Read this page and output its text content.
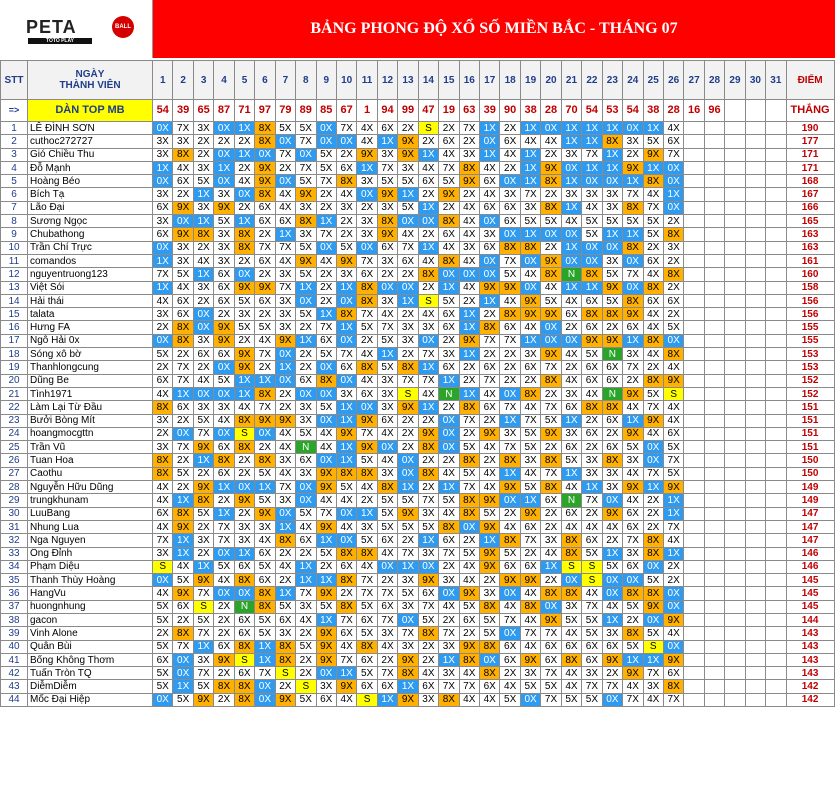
PETA	BALL
TOTO PLAY
BẢNG PHONG ĐỘ XỔ SỐ MIỀN BẮC - THÁNG 07
STT	NGÀY
THÀNH VIÊN	1	2	3	4	5	6	7	8	9	10	11	12	13	14	15	16	17	18	19	20	21	22	23	24	25	26	27	28	29	30	31	ĐIỂM
=>	DÀN TOP MB	54	39	65	87	71	97	79	89	85	67	1	94	99	47	19	63	39	90	38	28	70	54	53	54	38	28	16	96				THẮNG
1	LÊ ĐÌNH SƠN	0X	7X	3X	0X	1X	8X	5X	5X	0X	7X	4X	6X	2X	S	2X	7X	1X	2X	1X	0X	1X	1X	1X	0X	1X	4X						190
2	cuthoc272727	3X	3X	2X	2X	2X	8X	0X	7X	0X	0X	4X	1X	9X	2X	6X	2X	0X	6X	4X	4X	1X	1X	8X	3X	5X	6X						177
3	Gió Chiều Thu	3X	8X	2X	0X	1X	0X	7X	0X	5X	2X	9X	3X	9X	1X	4X	3X	1X	4X	1X	2X	3X	7X	1X	2X	9X	7X						171
4	Đỗ Mạnh	1X	4X	3X	1X	2X	9X	2X	7X	5X	6X	1X	7X	3X	4X	7X	8X	4X	2X	1X	9X	0X	1X	1X	9X	1X	0X						171
5	Hoàng Béo	0X	6X	5X	0X	4X	9X	0X	5X	7X	8X	3X	5X	5X	6X	5X	9X	6X	0X	1X	8X	1X	0X	0X	1X	8X	0X						168
6	Bích Tạ	3X	2X	1X	3X	0X	8X	4X	9X	2X	4X	0X	9X	1X	2X	9X	2X	4X	3X	7X	2X	3X	3X	3X	7X	4X	1X						167
7	Lão Đại	6X	9X	3X	9X	2X	6X	4X	3X	2X	3X	2X	3X	5X	1X	2X	4X	6X	6X	3X	8X	1X	4X	3X	8X	7X	0X						166
8	Sương Ngọc	3X	0X	1X	5X	1X	6X	6X	8X	1X	2X	3X	8X	0X	0X	8X	4X	0X	6X	5X	5X	4X	5X	5X	5X	5X	2X						165
9	Chubathong	6X	9X	8X	3X	8X	2X	1X	3X	7X	2X	3X	9X	4X	2X	6X	4X	3X	0X	1X	0X	0X	5X	1X	1X	5X	8X						163
10	Trần Chí Trực	0X	3X	2X	3X	8X	7X	7X	5X	0X	5X	0X	6X	7X	1X	4X	3X	6X	8X	8X	2X	1X	0X	0X	8X	2X	3X						163
11	comandos	1X	3X	4X	3X	2X	6X	4X	9X	4X	9X	7X	3X	6X	4X	8X	4X	0X	7X	0X	9X	0X	0X	3X	0X	6X	2X						161
12	nguyentruong123	7X	5X	1X	6X	0X	2X	3X	5X	2X	3X	6X	2X	2X	8X	0X	0X	0X	5X	4X	8X	N	8X	5X	7X	4X	8X						160
13	Việt Sói	1X	4X	3X	6X	9X	9X	7X	1X	2X	1X	8X	0X	0X	2X	1X	4X	9X	9X	0X	4X	1X	1X	9X	0X	8X	2X						158
14	Hải thái	4X	6X	2X	6X	5X	6X	3X	0X	2X	0X	8X	3X	1X	S	5X	2X	1X	4X	9X	5X	4X	6X	5X	8X	6X	6X						156
15	talata	3X	6X	0X	2X	3X	2X	3X	5X	1X	8X	7X	4X	2X	4X	6X	1X	2X	8X	9X	9X	6X	8X	8X	9X	4X	2X						156
16	Hưng FA	2X	8X	0X	9X	5X	5X	3X	2X	7X	1X	5X	7X	3X	3X	6X	1X	8X	6X	4X	0X	2X	6X	2X	6X	4X	5X						155
17	Ngô Hải 0x	0X	8X	3X	9X	2X	4X	9X	1X	6X	0X	2X	5X	3X	0X	2X	9X	7X	7X	1X	0X	0X	9X	9X	1X	8X	0X						155
18	Sóng xô bờ	5X	2X	6X	6X	9X	7X	0X	2X	5X	7X	4X	1X	2X	7X	3X	1X	2X	2X	3X	9X	4X	5X	N	3X	4X	8X						153
19	Thanhlongcung	2X	7X	2X	0X	9X	2X	1X	2X	0X	6X	8X	5X	8X	1X	6X	2X	6X	2X	6X	7X	2X	6X	6X	7X	2X	4X						153
20	Dũng Be	6X	7X	4X	5X	1X	1X	0X	6X	8X	0X	4X	3X	7X	7X	1X	2X	7X	2X	2X	8X	4X	6X	6X	2X	8X	9X						152
21	Tình1971	4X	1X	0X	0X	1X	8X	2X	0X	0X	3X	6X	3X	S	4X	N	1X	4X	0X	8X	2X	3X	4X	N	9X	5X	S						152
22	Làm Lại Từ Đầu	8X	6X	3X	3X	4X	7X	2X	3X	5X	1X	0X	3X	9X	1X	2X	8X	6X	7X	4X	7X	6X	8X	8X	4X	7X	4X						151
23	Bưởi Bòng Mít	3X	2X	5X	4X	8X	9X	9X	3X	0X	1X	9X	6X	2X	2X	0X	7X	2X	1X	7X	5X	1X	2X	6X	1X	9X	4X						151
24	hoangmocgttn	2X	0X	7X	0X	S	0X	4X	5X	4X	9X	7X	4X	2X	9X	0X	2X	9X	3X	5X	9X	3X	6X	2X	9X	4X	6X						151
25	Trần Vũ	3X	7X	9X	6X	8X	2X	4X	N	4X	1X	9X	0X	2X	8X	0X	5X	4X	7X	5X	2X	6X	2X	6X	5X	0X	5X						151
26	Tuan Hoa	8X	2X	1X	8X	2X	8X	3X	6X	0X	1X	5X	4X	0X	2X	2X	8X	2X	8X	3X	8X	5X	3X	8X	3X	0X	7X						150
27	Caothu	8X	5X	2X	6X	2X	5X	4X	3X	9X	8X	8X	3X	0X	8X	4X	5X	4X	1X	4X	7X	1X	3X	3X	4X	7X	5X						150
28	Nguyễn Hữu Dũng	4X	2X	9X	1X	0X	1X	7X	0X	9X	5X	4X	8X	1X	2X	1X	7X	4X	9X	5X	8X	4X	1X	3X	9X	1X	9X						149
29	trungkhunam	4X	1X	8X	2X	9X	5X	3X	0X	4X	4X	2X	5X	5X	7X	5X	8X	9X	0X	1X	6X	N	7X	0X	4X	2X	1X						149
30	LuuBang	6X	8X	5X	1X	2X	9X	0X	5X	7X	0X	1X	5X	9X	3X	4X	8X	5X	2X	9X	2X	6X	2X	9X	6X	2X	1X						147
31	Nhung Lua	4X	9X	2X	7X	3X	3X	1X	4X	9X	4X	3X	5X	5X	5X	8X	0X	9X	4X	6X	2X	4X	4X	4X	6X	2X	7X						147
32	Nga Nguyen	7X	1X	3X	7X	3X	4X	8X	6X	1X	0X	5X	6X	2X	1X	6X	2X	1X	8X	7X	3X	8X	6X	2X	7X	8X	4X						147
33	Ông Đỉnh	3X	1X	2X	0X	1X	6X	2X	2X	5X	8X	8X	4X	7X	3X	7X	5X	9X	5X	2X	4X	8X	5X	1X	3X	8X	1X						146
34	Phạm Diệu	S	4X	1X	5X	6X	5X	4X	1X	2X	6X	4X	0X	1X	0X	2X	4X	9X	6X	6X	1X	S	S	5X	6X	0X	2X						146
35	Thanh Thùy Hoàng	0X	5X	9X	4X	8X	6X	2X	1X	1X	8X	7X	2X	3X	9X	3X	4X	2X	9X	9X	2X	0X	S	0X	0X	5X	2X						145
36	HangVu	4X	9X	7X	0X	0X	8X	1X	7X	9X	2X	7X	7X	5X	6X	0X	9X	3X	0X	4X	8X	8X	4X	0X	8X	8X	0X						145
37	huongnhung	5X	6X	S	2X	N	8X	5X	3X	5X	8X	5X	6X	3X	7X	4X	5X	8X	4X	8X	0X	3X	7X	4X	5X	9X	0X						145
38	gacon	5X	2X	5X	2X	6X	5X	6X	4X	1X	7X	6X	7X	0X	5X	2X	6X	5X	7X	4X	9X	5X	5X	1X	2X	0X	9X						144
39	Vinh Alone	2X	8X	7X	2X	6X	5X	3X	2X	9X	6X	5X	3X	7X	8X	7X	2X	5X	0X	7X	7X	4X	5X	3X	8X	5X	4X						143
40	Quân Bùi	5X	7X	1X	6X	8X	1X	8X	5X	9X	4X	8X	4X	3X	2X	3X	9X	8X	6X	4X	6X	6X	6X	6X	5X	S	0X						143
41	Bống Không Thơm	6X	0X	3X	9X	S	1X	8X	2X	9X	7X	6X	2X	9X	2X	1X	8X	0X	6X	9X	6X	8X	6X	9X	1X	1X	9X						143
42	Tuấn Tròn TQ	5X	0X	7X	2X	6X	7X	S	2X	0X	1X	5X	7X	8X	4X	3X	4X	8X	2X	3X	7X	4X	3X	2X	9X	7X	6X						143
43	DiễmDiễm	5X	1X	5X	8X	8X	0X	2X	S	3X	9X	6X	6X	1X	6X	7X	7X	6X	4X	5X	5X	4X	7X	7X	4X	3X	8X						142
44	Mốc Đại Hiệp	0X	5X	9X	2X	8X	0X	9X	5X	6X	4X	S	1X	9X	3X	8X	4X	4X	5X	0X	7X	5X	5X	0X	7X	4X	7X						142
